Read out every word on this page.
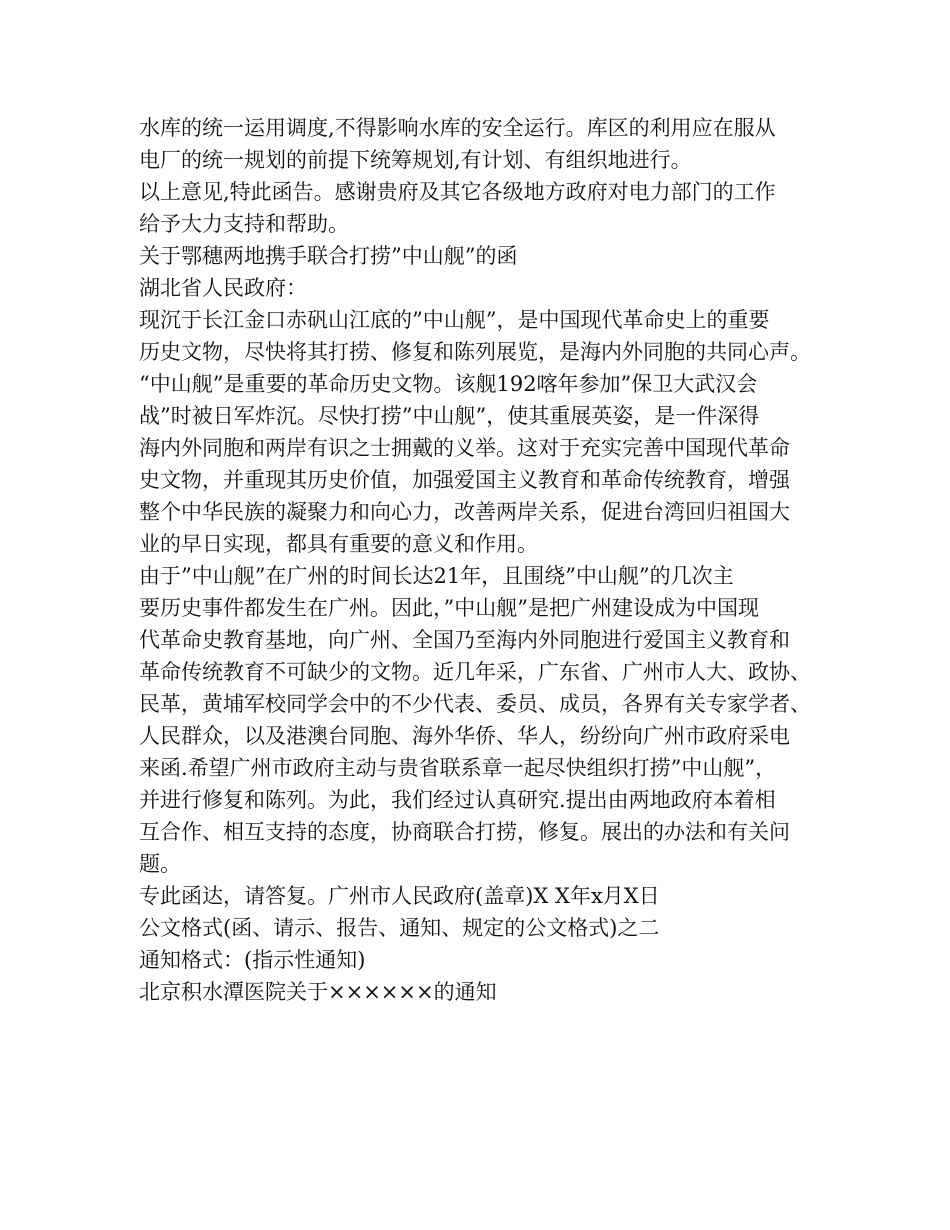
水库的统一运用调度,不得影响水库的安全运行。库区的利用应在服从
电厂的统一规划的前提下统筹规划,有计划、有组织地进行。
以上意见,特此函告。感谢贵府及其它各级地方政府对电力部门的工作
给予大力支持和帮助。
关于鄂穗两地携手联合打捞”中山舰”的函
湖北省人民政府：
现沉于长江金口赤矾山江底的”中山舰”，是中国现代革命史上的重要
历史文物，尽快将其打捞、修复和陈列展览，是海内外同胞的共同心声。
“中山舰”是重要的革命历史文物。该舰192喀年参加”保卫大武汉会
战”时被日军炸沉。尽快打捞”中山舰”，使其重展英姿，是一件深得
海内外同胞和两岸有识之士拥戴的义举。这对于充实完善中国现代革命
史文物，并重现其历史价值，加强爱国主义教育和革命传统教育，增强
整个中华民族的凝聚力和向心力，改善两岸关系，促进台湾回归祖国大
业的早日实现，都具有重要的意义和作用。
由于”中山舰”在广州的时间长达21年，且围绕”中山舰”的几次主
要历史事件都发生在广州。因此，”中山舰”是把广州建设成为中国现
代革命史教育基地，向广州、全国乃至海内外同胞进行爱国主义教育和
革命传统教育不可缺少的文物。近几年采，广东省、广州市人大、政协、
民革，黄埔军校同学会中的不少代表、委员、成员，各界有关专家学者、
人民群众，以及港澳台同胞、海外华侨、华人，纷纷向广州市政府采电
来函.希望广州市政府主动与贵省联系章一起尽快组织打捞”中山舰”，
并进行修复和陈列。为此，我们经过认真研究.提出由两地政府本着相
互合作、相互支持的态度，协商联合打捞，修复。展出的办法和有关问
题。
专此函达，请答复。广州市人民政府(盖章)X X年x月X日
公文格式(函、请示、报告、通知、规定的公文格式)之二
通知格式：(指示性通知)
北京积水潭医院关于××××××的通知
